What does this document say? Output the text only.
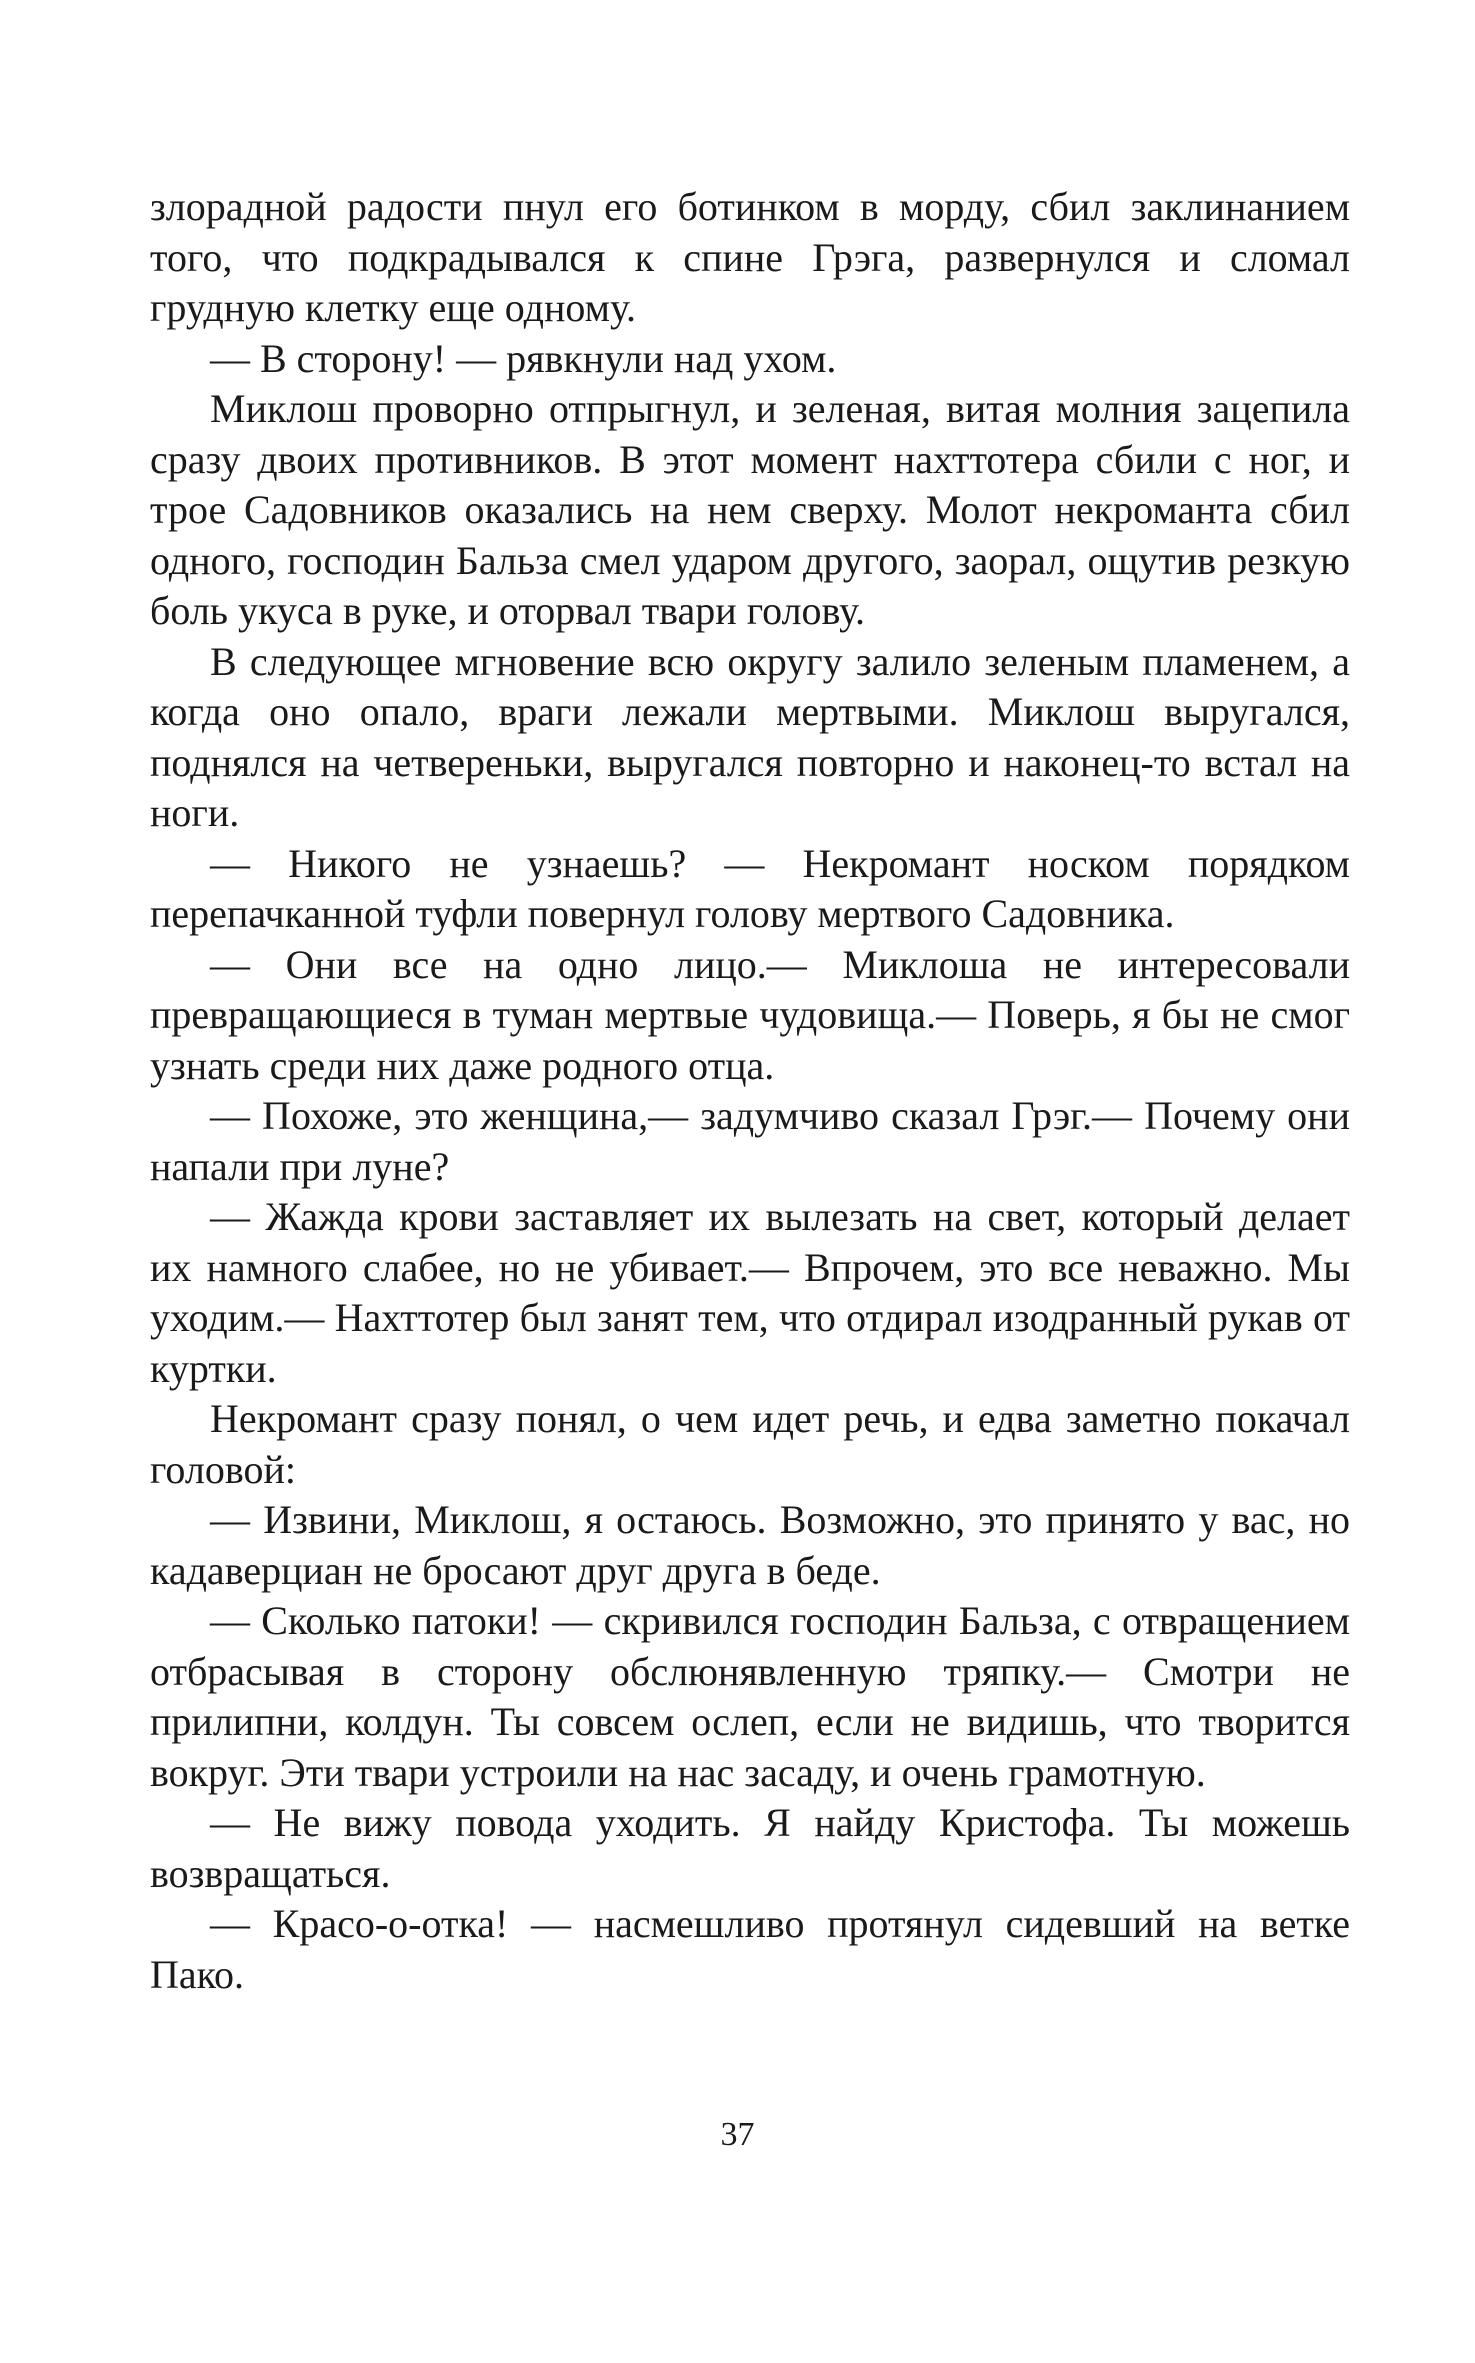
злорадной радости пнул его ботинком в морду, сбил заклинанием того, что подкрадывался к спине Грэга, развернулся и сломал грудную клетку еще одному.

— В сторону! — рявкнули над ухом.

Миклош проворно отпрыгнул, и зеленая, витая молния зацепила сразу двоих противников. В этот момент нахттотера сбили с ног, и трое Садовников оказались на нем сверху. Молот некроманта сбил одного, господин Бальза смел ударом другого, заорал, ощутив резкую боль укуса в руке, и оторвал твари голову.

В следующее мгновение всю округу залило зеленым пламенем, а когда оно опало, враги лежали мертвыми. Миклош выругался, поднялся на четвереньки, выругался повторно и наконец-то встал на ноги.

— Никого не узнаешь? — Некромант носком порядком перепачканной туфли повернул голову мертвого Садовника.

— Они все на одно лицо.— Миклоша не интересовали превращающиеся в туман мертвые чудовища.— Поверь, я бы не смог узнать среди них даже родного отца.

— Похоже, это женщина,— задумчиво сказал Грэг.— Почему они напали при луне?

— Жажда крови заставляет их вылезать на свет, который делает их намного слабее, но не убивает.— Впрочем, это все неважно. Мы уходим.— Нахттотер был занят тем, что отдирал изодранный рукав от куртки.

Некромант сразу понял, о чем идет речь, и едва заметно покачал головой:

— Извини, Миклош, я остаюсь. Возможно, это принято у вас, но кадаверциан не бросают друг друга в беде.

— Сколько патоки! — скривился господин Бальза, с отвращением отбрасывая в сторону обслюнявленную тряпку.— Смотри не прилипни, колдун. Ты совсем ослеп, если не видишь, что творится вокруг. Эти твари устроили на нас засаду, и очень грамотную.

— Не вижу повода уходить. Я найду Кристофа. Ты можешь возвращаться.

— Красо-о-отка! — насмешливо протянул сидевший на ветке Пако.

37
